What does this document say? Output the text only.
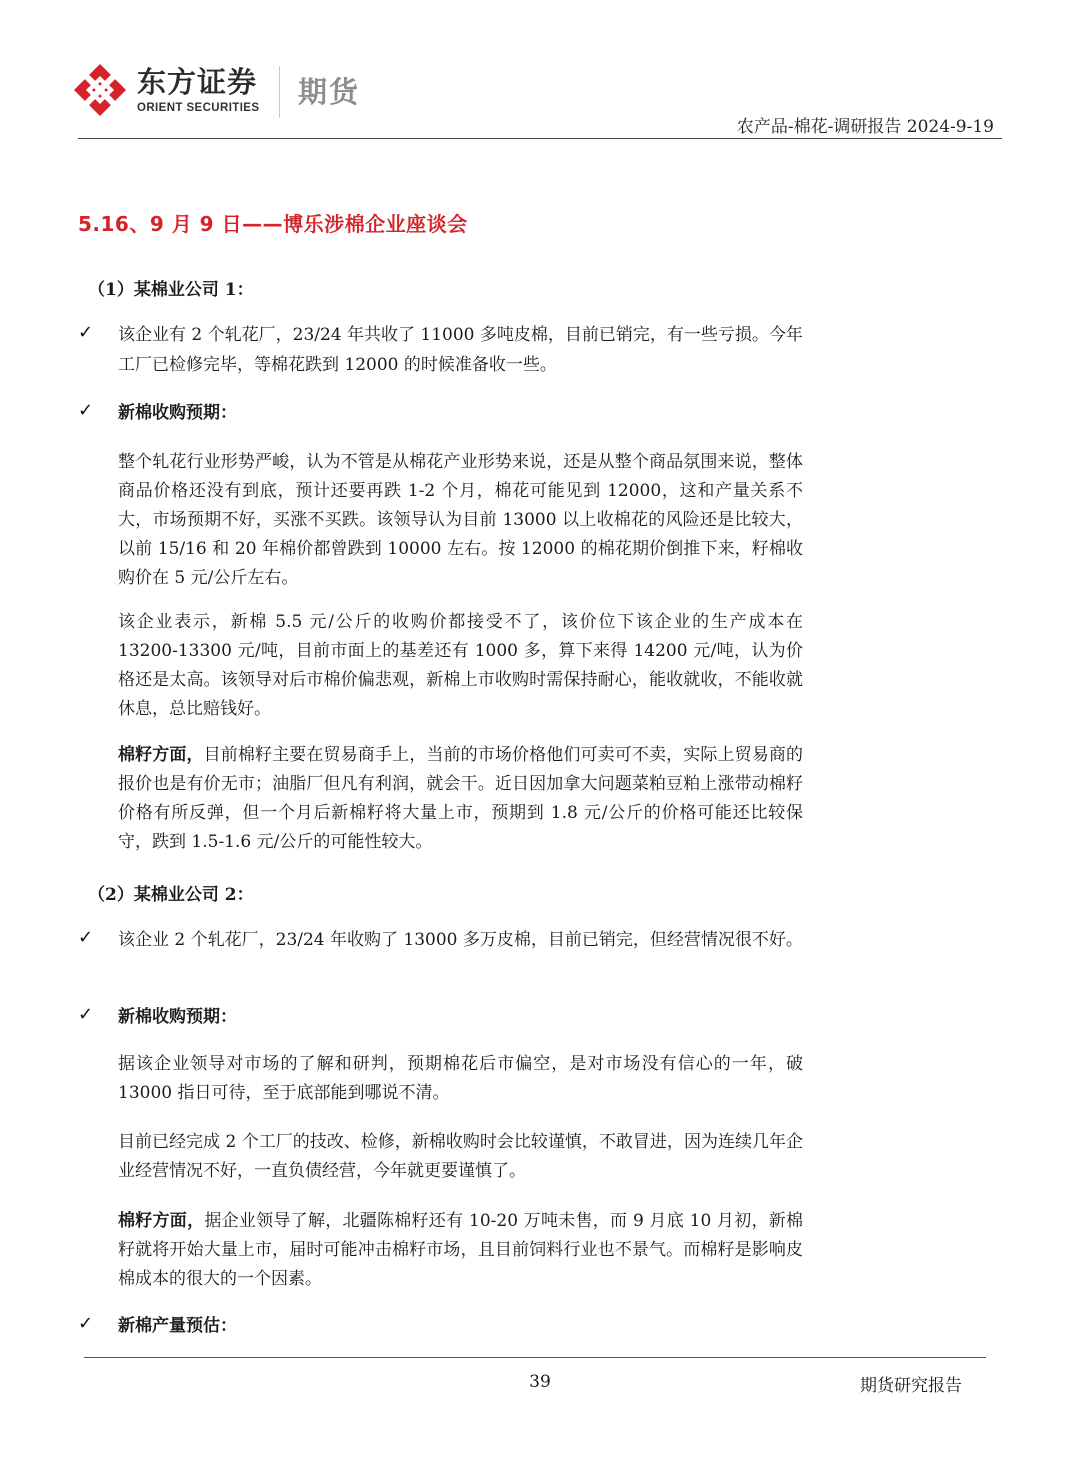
东方证券
ORIENT SECURITIES 期货
农产品-棉花-调研报告 2024-9-19
5.16、9 月 9 日——博乐涉棉企业座谈会
（1）某棉业公司 1：
✓ 该企业有 2 个轧花厂，23/24 年共收了 11000 多吨皮棉，目前已销完，有一些亏损。今年工厂已检修完毕，等棉花跌到 12000 的时候准备收一些。
✓ 新棉收购预期：
整个轧花行业形势严峻，认为不管是从棉花产业形势来说，还是从整个商品氛围来说，整体商品价格还没有到底，预计还要再跌 1-2 个月，棉花可能见到 12000，这和产量关系不大，市场预期不好，买涨不买跌。该领导认为目前 13000 以上收棉花的风险还是比较大，以前 15/16 和 20 年棉价都曾跌到 10000 左右。按 12000 的棉花期价倒推下来，籽棉收购价在 5 元/公斤左右。
该企业表示，新棉 5.5 元/公斤的收购价都接受不了，该价位下该企业的生产成本在 13200-13300 元/吨，目前市面上的基差还有 1000 多，算下来得 14200 元/吨，认为价格还是太高。该领导对后市棉价偏悲观，新棉上市收购时需保持耐心，能收就收，不能收就休息，总比赔钱好。
棉籽方面，目前棉籽主要在贸易商手上，当前的市场价格他们可卖可不卖，实际上贸易商的报价也是有价无市；油脂厂但凡有利润，就会干。近日因加拿大问题菜粕豆粕上涨带动棉籽价格有所反弹，但一个月后新棉籽将大量上市，预期到 1.8 元/公斤的价格可能还比较保守，跌到 1.5-1.6 元/公斤的可能性较大。
（2）某棉业公司 2：
✓ 该企业 2 个轧花厂，23/24 年收购了 13000 多万皮棉，目前已销完，但经营情况很不好。
✓ 新棉收购预期：
据该企业领导对市场的了解和研判，预期棉花后市偏空，是对市场没有信心的一年，破 13000 指日可待，至于底部能到哪说不清。
目前已经完成 2 个工厂的技改、检修，新棉收购时会比较谨慎，不敢冒进，因为连续几年企业经营情况不好，一直负债经营，今年就更要谨慎了。
棉籽方面，据企业领导了解，北疆陈棉籽还有 10-20 万吨未售，而 9 月底 10 月初，新棉籽就将开始大量上市，届时可能冲击棉籽市场，且目前饲料行业也不景气。而棉籽是影响皮棉成本的很大的一个因素。
✓ 新棉产量预估：
39	期货研究报告
